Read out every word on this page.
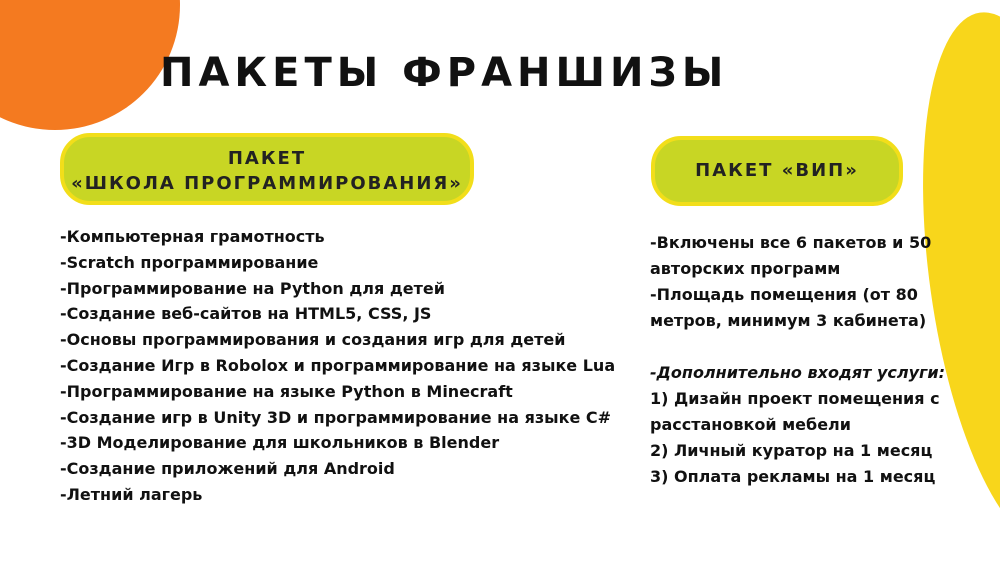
ПАКЕТЫ ФРАНШИЗЫ
ПАКЕТ
«ШКОЛА ПРОГРАММИРОВАНИЯ»
-Компьютерная грамотность
-Scratch программирование
-Программирование на Python для детей
-Создание веб-сайтов на HTML5, CSS, JS
-Основы программирования и создания игр для детей
-Создание Игр в Robolox и программирование на языке Lua
-Программирование на языке Python в Minecraft
-Создание игр в Unity 3D и программирование на языке C#
-3D Моделирование для школьников в Blender
-Создание приложений для Android
-Летний лагерь
ПАКЕТ «ВИП»

-Включены все 6 пакетов и 50 авторских программ

-Площадь помещения (от 80 метров, минимум 3 кабинета)

-Дополнительно входят услуги:

1) Дизайн проект помещения с расстановкой мебели
2) Личный куратор на 1 месяц
3) Оплата рекламы на 1 месяц
